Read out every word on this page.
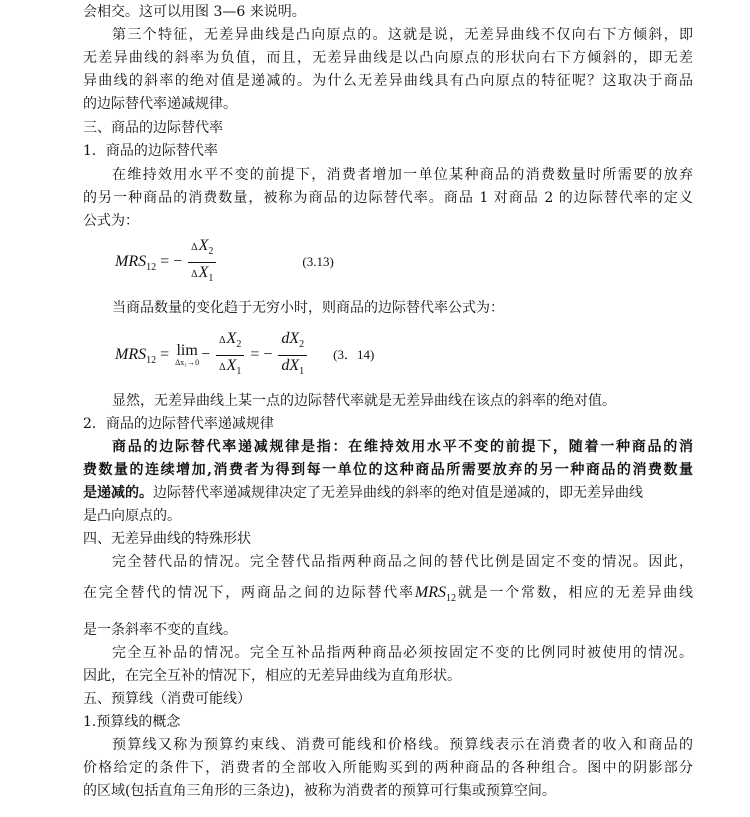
会相交。这可以用图 3—6 来说明。
第三个特征，无差异曲线是凸向原点的。这就是说，无差异曲线不仅向右下方倾斜，即
无差异曲线的斜率为负值，而且，无差异曲线是以凸向原点的形状向右下方倾斜的，即无差
异曲线的斜率的绝对值是递减的。为什么无差异曲线具有凸向原点的特征呢？这取决于商品
的边际替代率递减规律。
三、商品的边际替代率
1．商品的边际替代率
在维持效用水平不变的前提下，消费者增加一单位某种商品的消费数量时所需要的放弃
的另一种商品的消费数量，被称为商品的边际替代率。商品 1 对商品 2 的边际替代率的定义
公式为：
$MRS_{12}$ = − $\frac{\Delta X_2}{\Delta X_1}$	(3.13)
当商品数量的变化趋于无穷小时，则商品的边际替代率公式为：
$MRS_{12} = \lim$
$\Delta x_1\to 0 - \frac{\Delta X_2}{\Delta X_1}$ = − $\frac{dX_2}{dX_1} (3$．14)
显然，无差异曲线上某一点的边际替代率就是无差异曲线在该点的斜率的绝对值。
2．商品的边际替代率递减规律
商品的边际替代率递减规律是指：在维持效用水平不变的前提下，随着一种商品的消
费数量的连续增加,消费者为得到每一单位的这种商品所需要放弃的另一种商品的消费数量
是递减的。边际替代率递减规律决定了无差异曲线的斜率的绝对值是递减的，即无差异曲线
是凸向原点的。
四、无差异曲线的特殊形状
完全替代品的情况。完全替代品指两种商品之间的替代比例是固定不变的情况。因此，
在完全替代的情况下，两商品之间的边际替代率$MRS_{12}$就是一个常数，相应的无差异曲线
是一条斜率不变的直线。
完全互补品的情况。完全互补品指两种商品必须按固定不变的比例同时被使用的情况。
因此，在完全互补的情况下，相应的无差异曲线为直角形状。
五、预算线（消费可能线）
1.预算线的概念
预算线又称为预算约束线、消费可能线和价格线。预算线表示在消费者的收入和商品的
价格给定的条件下，消费者的全部收入所能购买到的两种商品的各种组合。图中的阴影部分
的区域(包括直角三角形的三条边)，被称为消费者的预算可行集或预算空间。
